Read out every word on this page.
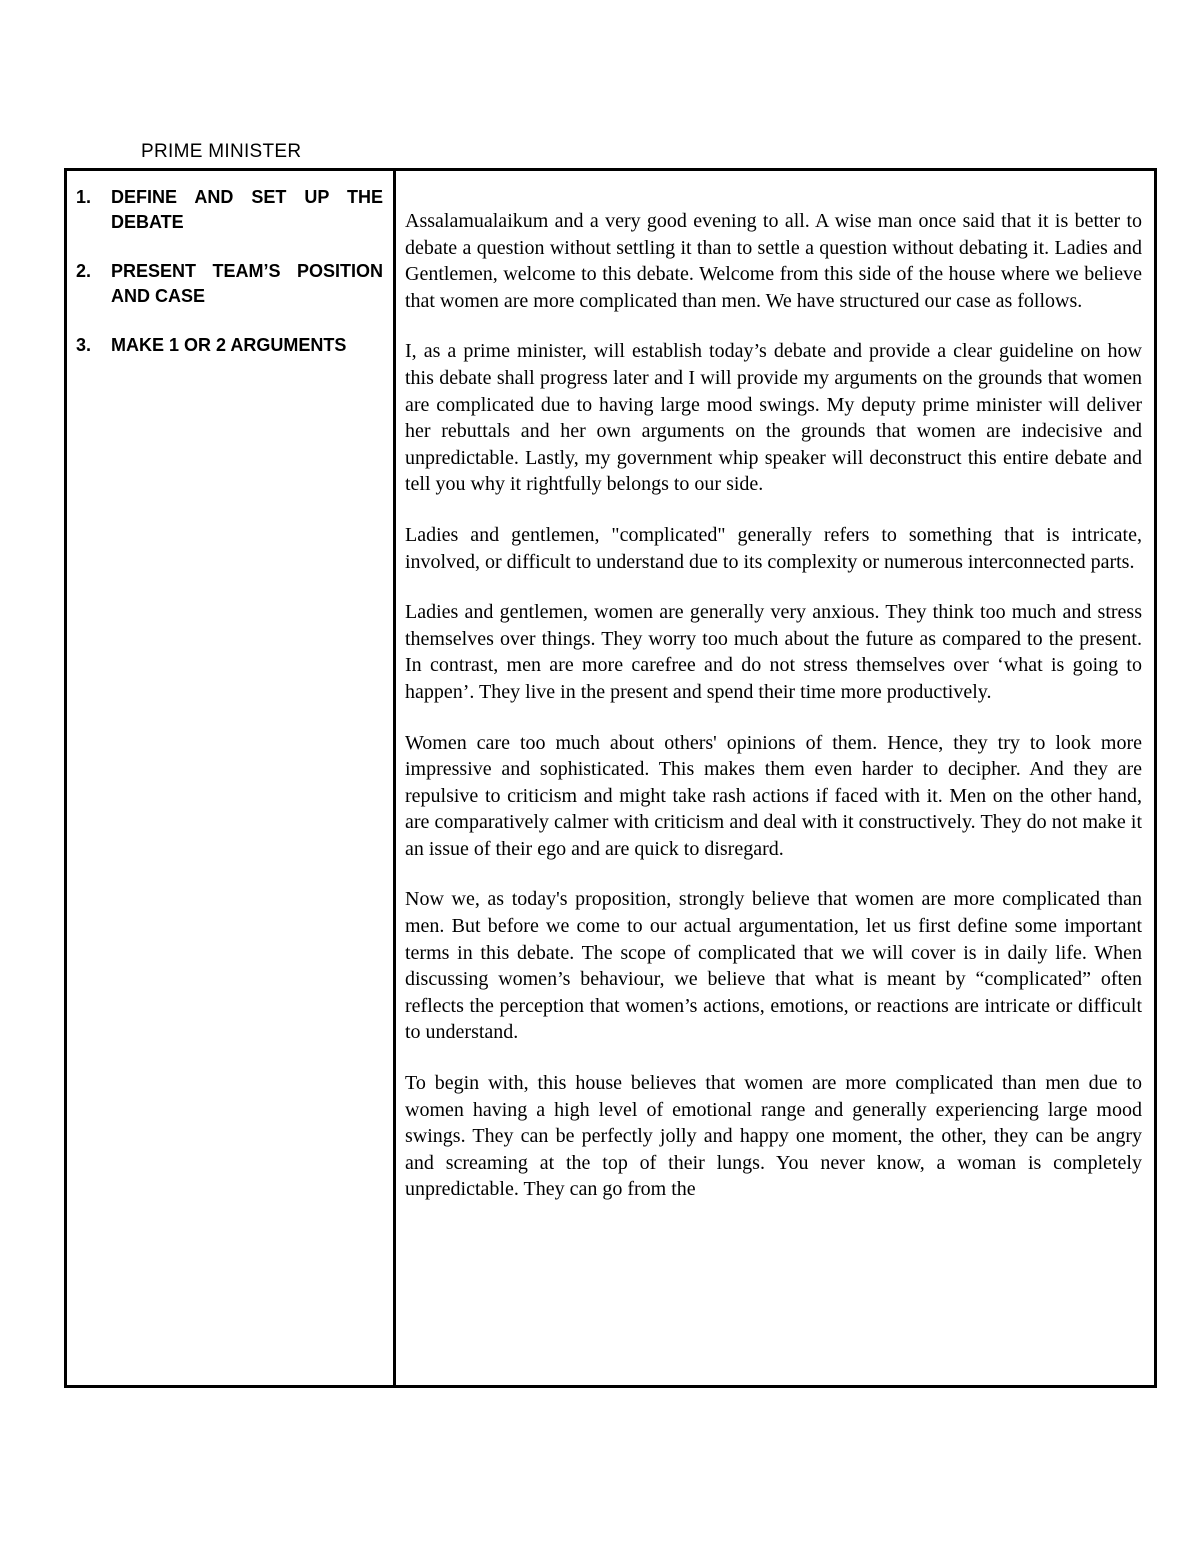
PRIME MINISTER
1. DEFINE AND SET UP THE DEBATE
2. PRESENT TEAM’S POSITION AND CASE
3. MAKE 1 OR 2 ARGUMENTS

Assalamualaikum and a very good evening to all. A wise man once said that it is better to debate a question without settling it than to settle a question without debating it. Ladies and Gentlemen, welcome to this debate. Welcome from this side of the house where we believe that women are more complicated than men. We have structured our case as follows.

I, as a prime minister, will establish today’s debate and provide a clear guideline on how this debate shall progress later and I will provide my arguments on the grounds that women are complicated due to having large mood swings. My deputy prime minister will deliver her rebuttals and her own arguments on the grounds that women are indecisive and unpredictable. Lastly, my government whip speaker will deconstruct this entire debate and tell you why it rightfully belongs to our side.

Ladies and gentlemen, "complicated" generally refers to something that is intricate, involved, or difficult to understand due to its complexity or numerous interconnected parts.

Ladies and gentlemen, women are generally very anxious. They think too much and stress themselves over things. They worry too much about the future as compared to the present. In contrast, men are more carefree and do not stress themselves over ‘what is going to happen’. They live in the present and spend their time more productively.

Women care too much about others' opinions of them. Hence, they try to look more impressive and sophisticated. This makes them even harder to decipher. And they are repulsive to criticism and might take rash actions if faced with it. Men on the other hand, are comparatively calmer with criticism and deal with it constructively. They do not make it an issue of their ego and are quick to disregard.

Now we, as today's proposition, strongly believe that women are more complicated than men. But before we come to our actual argumentation, let us first define some important terms in this debate. The scope of complicated that we will cover is in daily life. When discussing women’s behaviour, we believe that what is meant by “complicated” often reflects the perception that women’s actions, emotions, or reactions are intricate or difficult to understand.

To begin with, this house believes that women are more complicated than men due to women having a high level of emotional range and generally experiencing large mood swings. They can be perfectly jolly and happy one moment, the other, they can be angry and screaming at the top of their lungs. You never know, a woman is completely unpredictable. They can go from the
